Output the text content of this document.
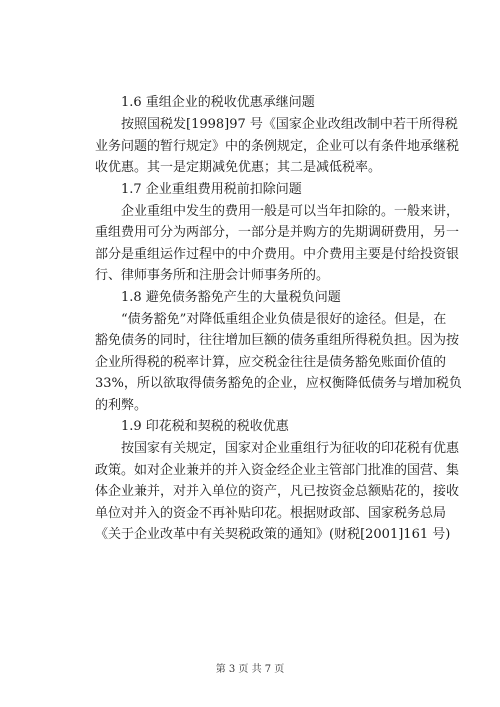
1.6 重组企业的税收优惠承继问题
按照国税发[1998]97 号《国家企业改组改制中若干所得税
业务问题的暂行规定》中的条例规定，企业可以有条件地承继税
收优惠。其一是定期减免优惠；其二是减低税率。
1.7 企业重组费用税前扣除问题
企业重组中发生的费用一般是可以当年扣除的。一般来讲，
重组费用可分为两部分，一部分是并购方的先期调研费用，另一
部分是重组运作过程中的中介费用。中介费用主要是付给投资银
行、律师事务所和注册会计师事务所的。
1.8 避免债务豁免产生的大量税负问题
“债务豁免”对降低重组企业负债是很好的途径。但是，在
豁免债务的同时，往往增加巨额的债务重组所得税负担。因为按
企业所得税的税率计算，应交税金往往是债务豁免账面价值的
33%，所以欲取得债务豁免的企业，应权衡降低债务与增加税负
的利弊。
1.9 印花税和契税的税收优惠
按国家有关规定，国家对企业重组行为征收的印花税有优惠
政策。如对企业兼并的并入资金经企业主管部门批准的国营、集
体企业兼并，对并入单位的资产，凡已按资金总额贴花的，接收
单位对并入的资金不再补贴印花。根据财政部、国家税务总局
《关于企业改革中有关契税政策的通知》(财税[2001]161 号)
第 3 页 共 7 页
